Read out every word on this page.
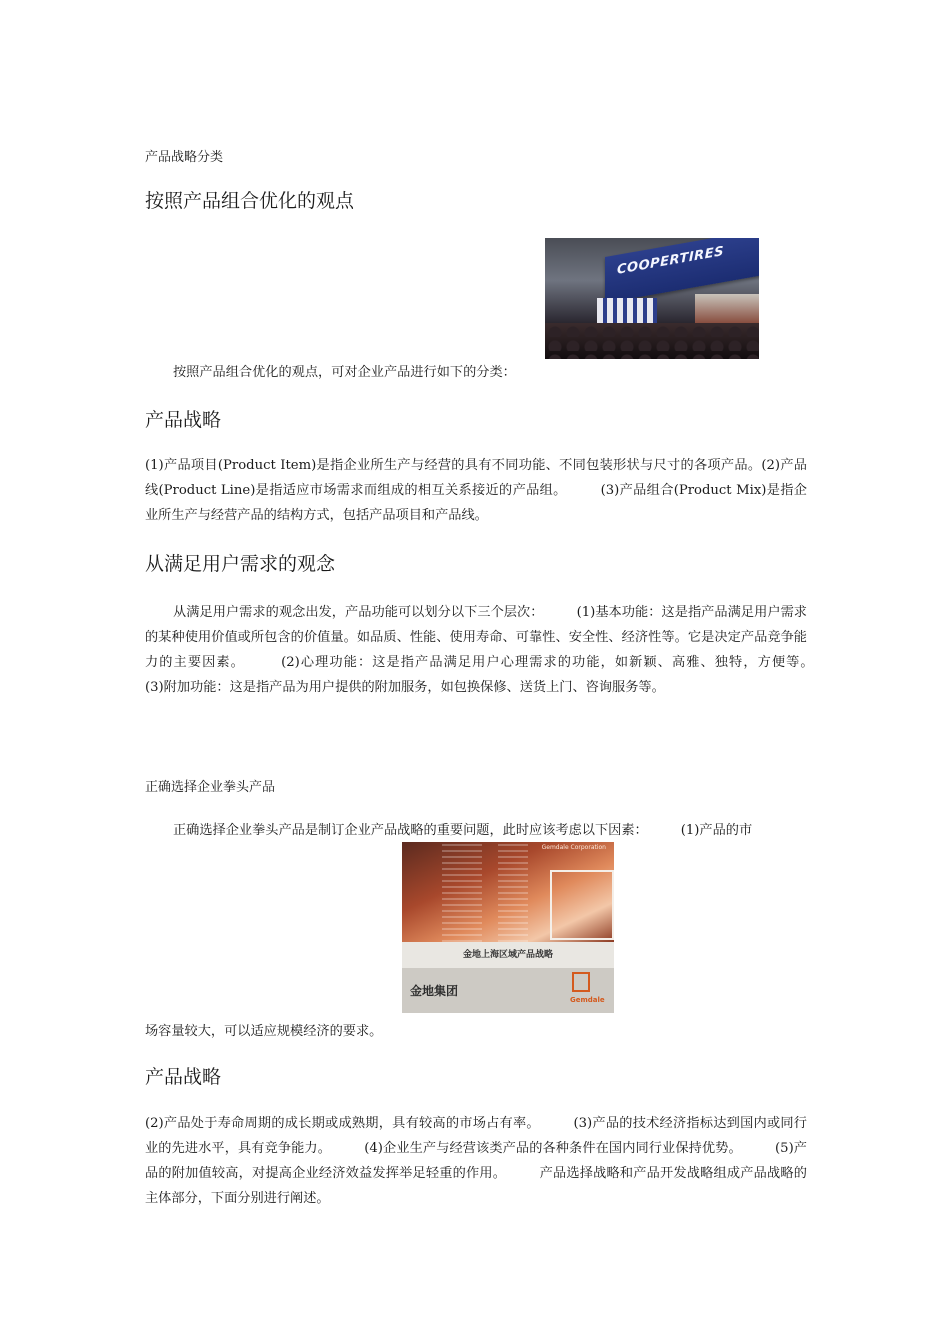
产品战略分类
按照产品组合优化的观点
COOPERTIRES

按照产品组合优化的观点，可对企业产品进行如下的分类：

产品战略

(1)产品项目(Product Item)是指企业所生产与经营的具有不同功能、不同包装形状与尺寸的各项产品。(2)产品线(Product Line)是指适应市场需求而组成的相互关系接近的产品组。　　　(3)产品组合(Product Mix)是指企业所生产与经营产品的结构方式，包括产品项目和产品线。

从满足用户需求的观念

从满足用户需求的观念出发，产品功能可以划分以下三个层次：　　　(1)基本功能：这是指产品满足用户需求的某种使用价值或所包含的价值量。如品质、性能、使用寿命、可靠性、安全性、经济性等。它是决定产品竞争能力的主要因素。　　　(2)心理功能：这是指产品满足用户心理需求的功能，如新颖、高雅、独特，方便等。　　　(3)附加功能：这是指产品为用户提供的附加服务，如包换保修、送货上门、咨询服务等。

正确选择企业拳头产品

正确选择企业拳头产品是制订企业产品战略的重要问题，此时应该考虑以下因素：　　　(1)产品的市

Gemdale Corporation
金地上海区域产品战略
金地集团
Gemdale

场容量较大，可以适应规模经济的要求。

产品战略

(2)产品处于寿命周期的成长期或成熟期，具有较高的市场占有率。　　　(3)产品的技术经济指标达到国内或同行业的先进水平，具有竞争能力。　　　(4)企业生产与经营该类产品的各种条件在国内同行业保持优势。　　　(5)产品的附加值较高，对提高企业经济效益发挥举足轻重的作用。　　　产品选择战略和产品开发战略组成产品战略的主体部分，下面分别进行阐述。
